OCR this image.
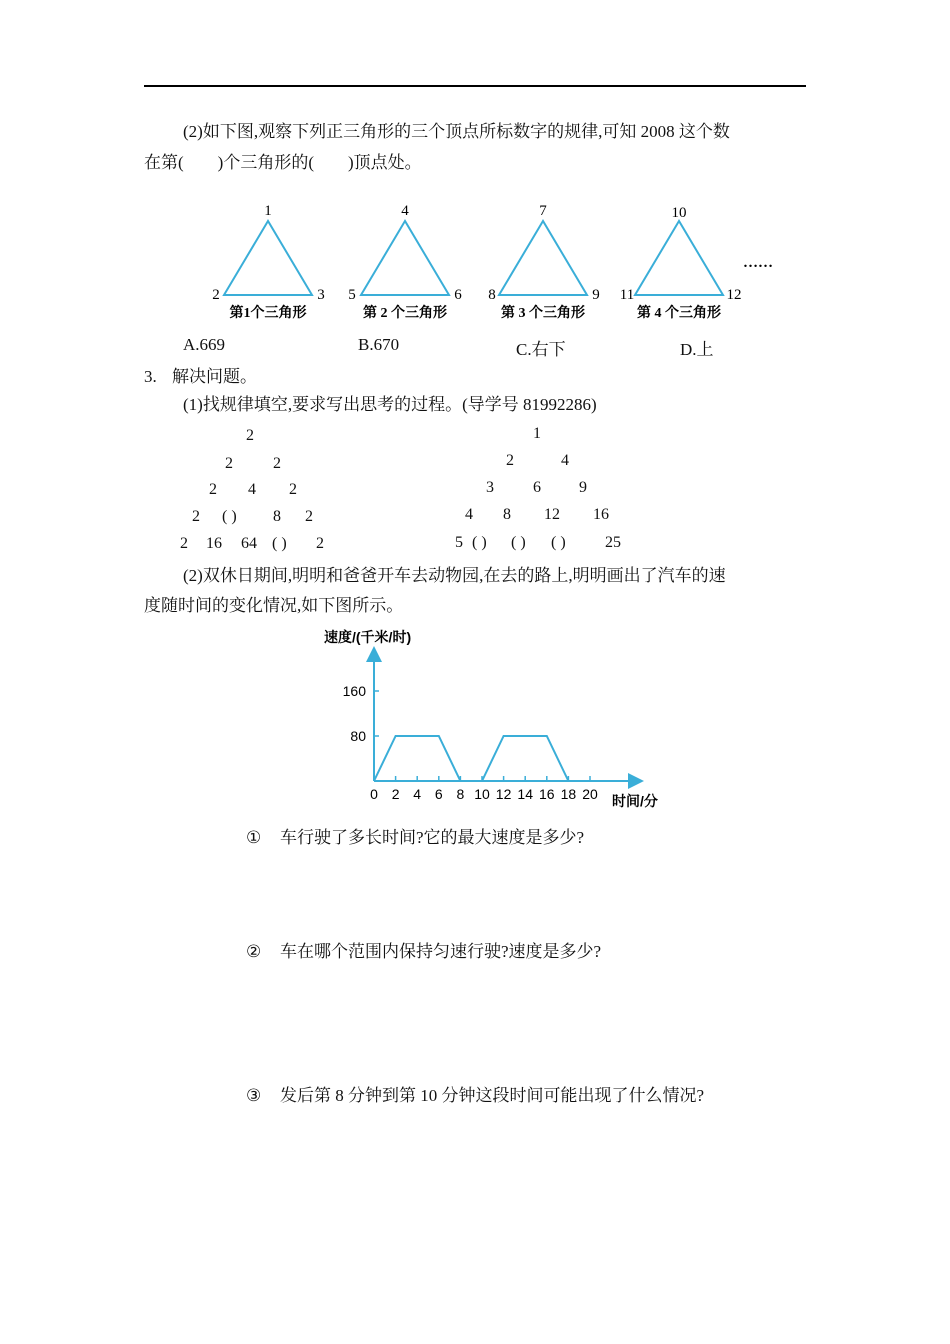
(2)如下图,观察下列正三角形的三个顶点所标数字的规律,可知 2008 这个数
在第(　　)个三角形的(　　)顶点处。
1
2	3
第1个三角形
4
5	6
第 2 个三角形
7
8	9
第 3 个三角形
10
11	12
第 4 个三角形
……
A.669	B.670	C.右下	D.上
3. 解决问题。
(1)找规律填空,要求写出思考的过程。(导学号 81992286)
2
2	2
2 4 2
2 ( ) 8 2
2 16 64 ( ) 2
1
2	4
3 6 9
4 8 12 16
5 ( ) ( ) ( ) 25
(2)双休日期间,明明和爸爸开车去动物园,在去的路上,明明画出了汽车的速
度随时间的变化情况,如下图所示。
速度/(千米/时)
时间/分
0 2 4 6 8 10 12 14 16 18 20
80
160
① 车行驶了多长时间?它的最大速度是多少?
② 车在哪个范围内保持匀速行驶?速度是多少?
③ 发后第 8 分钟到第 10 分钟这段时间可能出现了什么情况?
